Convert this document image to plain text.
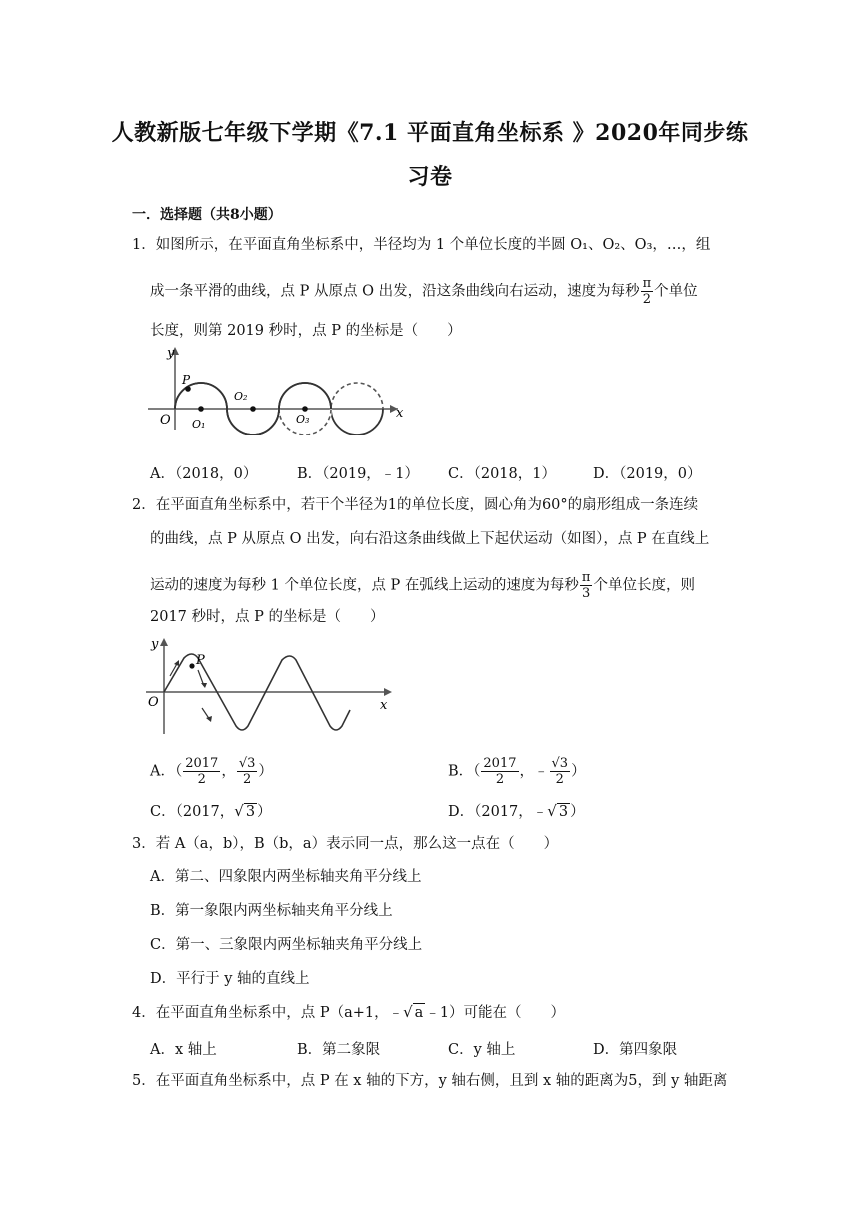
人教新版七年级下学期《7.1 平面直角坐标系 》2020年同步练
习卷
一．选择题（共8小题）
1．如图所示，在平面直角坐标系中，半径均为 1 个单位长度的半圆 O₁、O₂、O₃，…，组
成一条平滑的曲线，点 P 从原点 O 出发，沿这条曲线向右运动，速度为每秒 $\frac{\pi}{2}$ 个单位
长度，则第 2019 秒时，点 P 的坐标是（　　）
y
x
O
P
O₁
O₂
O₃
A．（2018，0）	B．（2019，﹣1） C．（2018，1）	D．（2019，0）
2．在平面直角坐标系中，若干个半径为1的单位长度，圆心角为60°的扇形组成一条连续
的曲线，点 P 从原点 O 出发，向右沿这条曲线做上下起伏运动（如图），点 P 在直线上
运动的速度为每秒 1 个单位长度，点 P 在弧线上运动的速度为每秒 $\frac{\pi}{3}$ 个单位长度，则
2017 秒时，点 P 的坐标是（　　）
y
x
O
P
A．（ $\frac{2017}{2}$ ， $\frac{√3}{2}$ ）	B．（ $\frac{2017}{2}$ ，﹣ $\frac{√3}{2}$ ）
C．（2017，√ 3 ）	D．（2017，﹣√ 3 ）
3．若 A（a，b），B（b，a）表示同一点，那么这一点在（　　）
A．第二、四象限内两坐标轴夹角平分线上
B．第一象限内两坐标轴夹角平分线上
C．第一、三象限内两坐标轴夹角平分线上
D．平行于 y 轴的直线上
4．在平面直角坐标系中，点 P（a+1，﹣√ a ﹣1）可能在（　　）
A．x 轴上	B．第二象限	C．y 轴上	D．第四象限
5．在平面直角坐标系中，点 P 在 x 轴的下方，y 轴右侧，且到 x 轴的距离为5，到 y 轴距离
